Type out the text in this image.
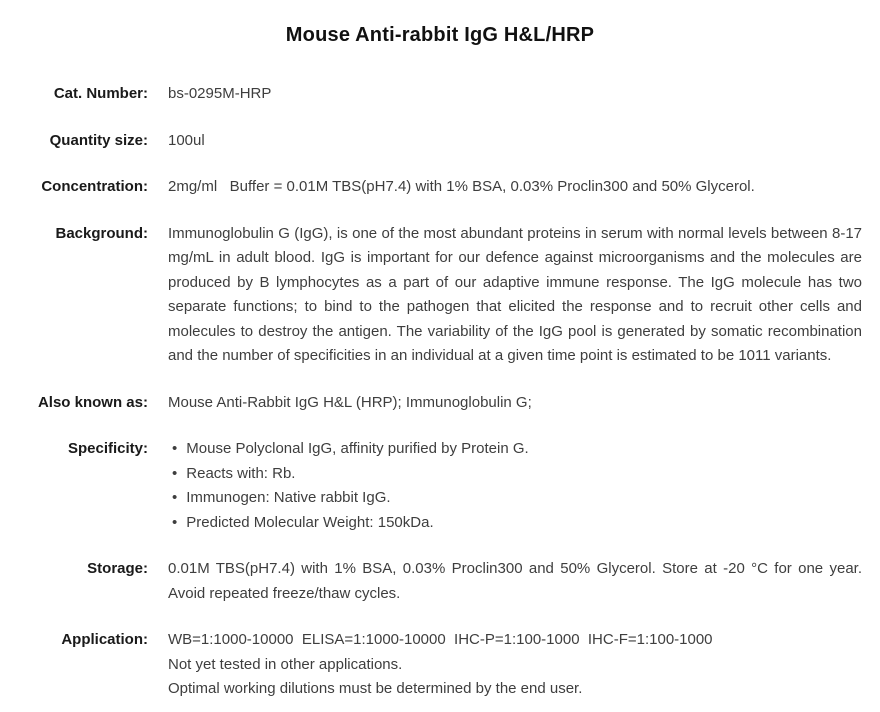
Mouse Anti-rabbit IgG H&L/HRP
Cat. Number:	bs-0295M-HRP
Quantity size:	100ul
Concentration:	2mg/ml   Buffer = 0.01M TBS(pH7.4) with 1% BSA, 0.03% Proclin300 and 50% Glycerol.
Background:	Immunoglobulin G (IgG), is one of the most abundant proteins in serum with normal levels between 8-17 mg/mL in adult blood. IgG is important for our defence against microorganisms and the molecules are produced by B lymphocytes as a part of our adaptive immune response. The IgG molecule has two separate functions; to bind to the pathogen that elicited the response and to recruit other cells and molecules to destroy the antigen. The variability of the IgG pool is generated by somatic recombination and the number of specificities in an individual at a given time point is estimated to be 1011 variants.
Also known as:	Mouse Anti-Rabbit IgG H&L (HRP); Immunoglobulin G;
Specificity: • Mouse Polyclonal IgG, affinity purified by Protein G.
• Reacts with: Rb.
• Immunogen: Native rabbit IgG.
• Predicted Molecular Weight: 150kDa.
Storage:	0.01M TBS(pH7.4) with 1% BSA, 0.03% Proclin300 and 50% Glycerol. Store at -20 °C for one year. Avoid repeated freeze/thaw cycles.
Application: WB=1:1000-10000  ELISA=1:1000-10000  IHC-P=1:100-1000  IHC-F=1:100-1000
Not yet tested in other applications.
Optimal working dilutions must be determined by the end user.
